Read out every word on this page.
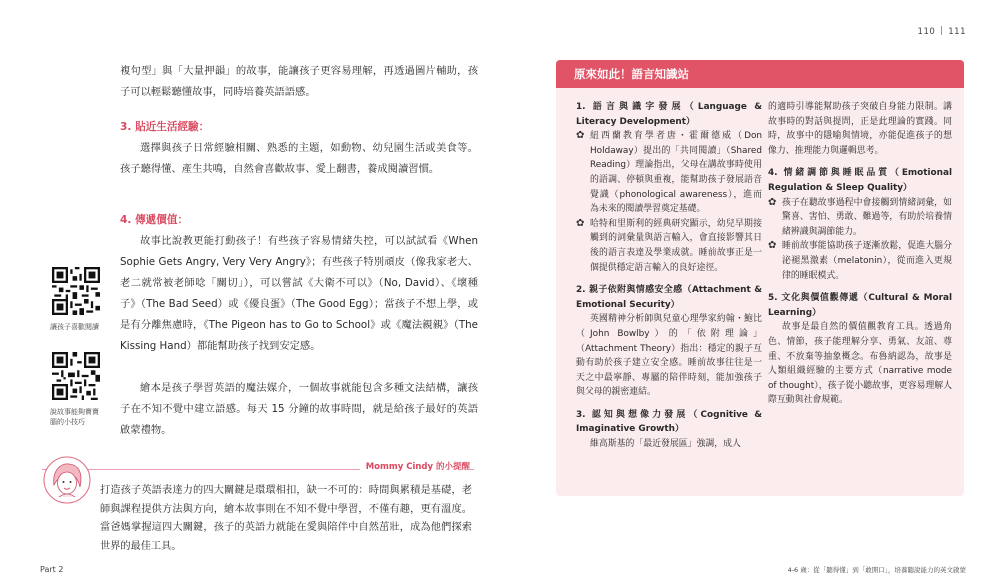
110 111

複句型」與「大量押韻」的故事，能讓孩子更容易理解，再透過圖片輔助，孩子可以輕鬆聽懂故事，同時培養英語語感。

3. 貼近生活經驗：

選擇與孩子日常經驗相關、熟悉的主題，如動物、幼兒園生活或美食等。孩子聽得懂、產生共鳴，自然會喜歡故事、愛上翻書，養成閱讀習慣。

4. 傳遞價值：

故事比說教更能打動孩子！有些孩子容易情緒失控，可以試試看《When Sophie Gets Angry, Very Very Angry》；有些孩子特別頑皮（像我家老大、老二就常被老師唸「關切」），可以嘗試《大衛不可以》（No, David）、《壞種子》（The Bad Seed）或《優良蛋》（The Good Egg）；當孩子不想上學，或是有分離焦慮時，《The Pigeon has to Go to School》或《魔法親親》（The Kissing Hand）都能幫助孩子找到安定感。

繪本是孩子學習英語的魔法媒介，一個故事就能包含多種文法結構，讓孩子在不知不覺中建立語感。每天 15 分鐘的故事時間，就是給孩子最好的英語啟蒙禮物。

讓孩子喜歡閱讀
說故事能夠寶寶腦的小技巧
Mommy Cindy 的小提醒
打造孩子英語表達力的四大關鍵是環環相扣，缺一不可的：時間與累積是基礎，老師與課程提供方法與方向，繪本故事則在不知不覺中學習，不僅有趣，更有溫度。當爸媽掌握這四大關鍵，孩子的英語力就能在愛與陪伴中自然茁壯，成為他們探索世界的最佳工具。
Part 2	4-6 歲：從「聽得懂」到「敢開口」，培養聽說能力的英文啟蒙
原來如此！語言知識站

1. 語言與識字發展（Language & Literacy Development）

✿ 紐西蘭教育學者唐・霍爾德威（Don Holdaway）提出的「共同閱讀」（Shared Reading）理論指出，父母在講故事時使用的語調、停頓與重複，能幫助孩子發展語音覺識（phonological awareness），進而為未來的閱讀學習奠定基礎。

✿ 哈特和里斯利的經典研究顯示，幼兒早期接觸到的詞彙量與語言輸入，會直接影響其日後的語言表達及學業成就。睡前故事正是一個提供穩定語言輸入的良好途徑。

2. 親子依附與情感安全感（Attachment & Emotional Security）

英國精神分析師與兒童心理學家約翰・鮑比（John Bowlby）的「依附理論」（Attachment Theory）指出：穩定的親子互動有助於孩子建立安全感。睡前故事往往是一天之中最寧靜、專屬的陪伴時刻，能加強孩子與父母的親密連結。

3. 認知與想像力發展（Cognitive & Imaginative Growth）

維高斯基的「最近發展區」強調，成人

的適時引導能幫助孩子突破自身能力限制。講故事時的對話與提問，正是此理論的實踐。同時，故事中的隱喻與情境，亦能促進孩子的想像力、推理能力與邏輯思考。

4. 情緒調節與睡眠品質（Emotional Regulation & Sleep Quality）

✿ 孩子在聽故事過程中會接觸到情緒詞彙，如驚喜、害怕、勇敢、難過等，有助於培養情緒辨識與調節能力。

✿ 睡前故事能協助孩子逐漸放鬆，促進大腦分泌褪黑激素（melatonin），從而進入更規律的睡眠模式。

5. 文化與價值觀傳遞（Cultural & Moral Learning）

故事是最自然的價值觀教育工具。透過角色、情節，孩子能理解分享、勇氣、友誼、尊重、不放棄等抽象概念。布魯納認為，故事是人類組織經驗的主要方式（narrative mode of thought），孩子從小聽故事，更容易理解人際互動與社會規範。
